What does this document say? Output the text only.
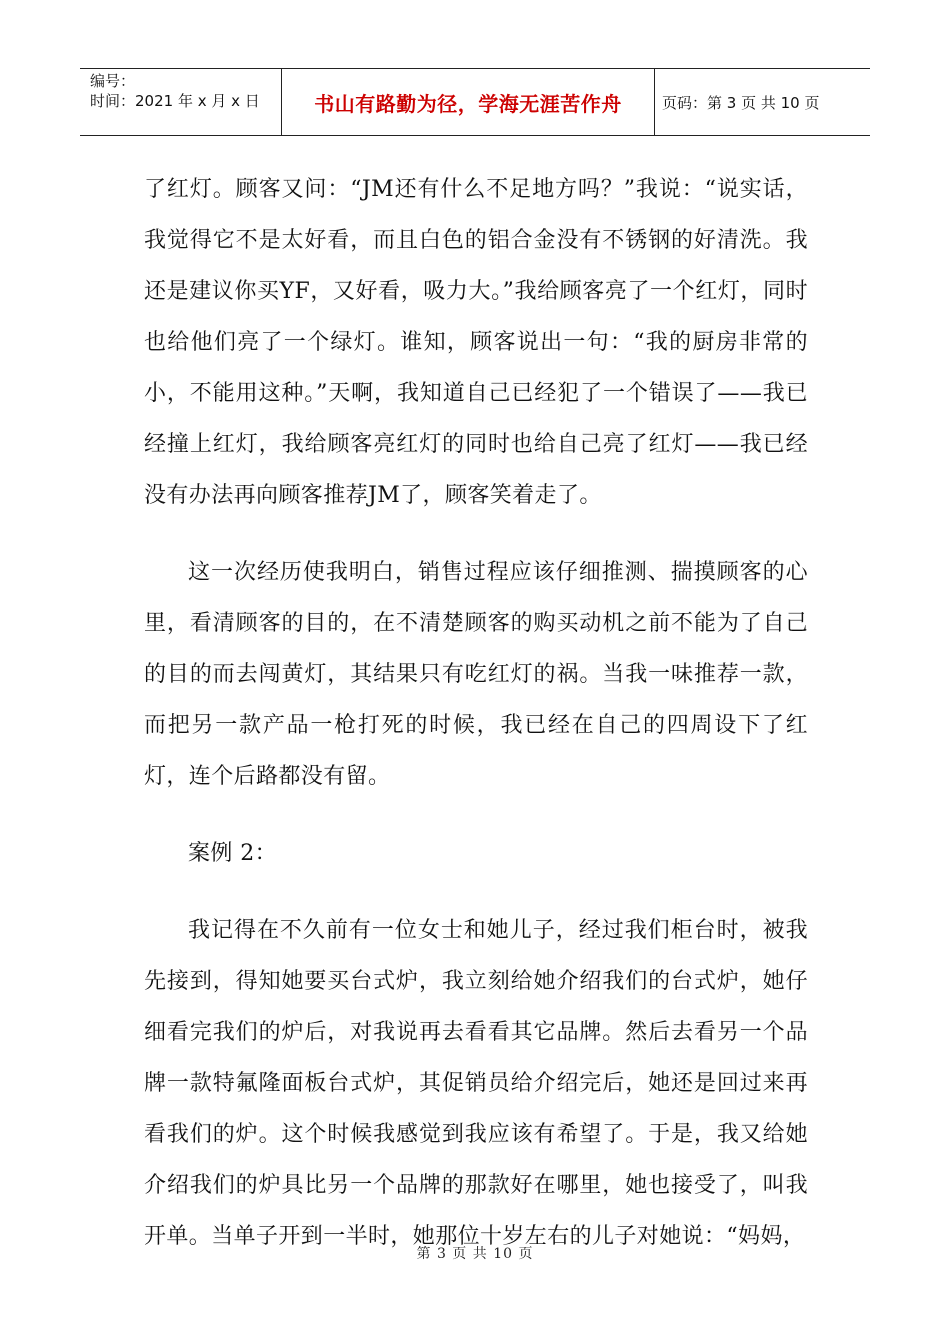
编号：
时间：2021 年 x 月 x 日	书山有路勤为径，学海无涯苦作舟	页码：第 3 页 共 10 页

了红灯。顾客又问：“JM还有什么不足地方吗？”我说：“说实话，我觉得它不是太好看，而且白色的铝合金没有不锈钢的好清洗。我还是建议你买YF，又好看，吸力大。”我给顾客亮了一个红灯，同时也给他们亮了一个绿灯。谁知，顾客说出一句：“我的厨房非常的小，不能用这种。”天啊，我知道自己已经犯了一个错误了——我已经撞上红灯，我给顾客亮红灯的同时也给自己亮了红灯——我已经没有办法再向顾客推荐JM了，顾客笑着走了。

这一次经历使我明白，销售过程应该仔细推测、揣摸顾客的心里，看清顾客的目的，在不清楚顾客的购买动机之前不能为了自己的目的而去闯黄灯，其结果只有吃红灯的祸。当我一味推荐一款，而把另一款产品一枪打死的时候，我已经在自己的四周设下了红灯，连个后路都没有留。

案例 2：

我记得在不久前有一位女士和她儿子，经过我们柜台时，被我先接到，得知她要买台式炉，我立刻给她介绍我们的台式炉，她仔细看完我们的炉后，对我说再去看看其它品牌。然后去看另一个品牌一款特氟隆面板台式炉，其促销员给介绍完后，她还是回过来再看我们的炉。这个时候我感觉到我应该有希望了。于是，我又给她介绍我们的炉具比另一个品牌的那款好在哪里，她也接受了，叫我开单。当单子开到一半时，她那位十岁左右的儿子对她说：“妈妈，

第 3 页 共 10 页
